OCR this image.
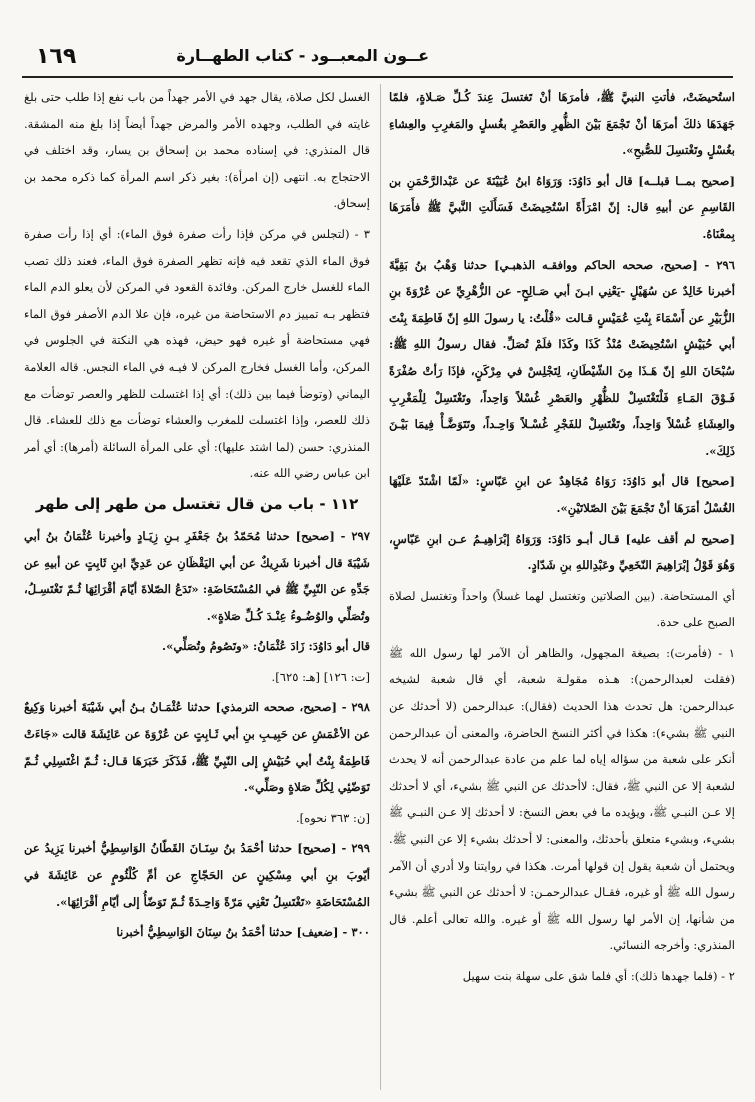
عــون المعبــود - كتاب الطهــارة
١٦٩

استُحيضَتْ، فأتتِ النبيَّ ﷺ، فأمرَهَا أنْ تَغتسلَ عِندَ كُـلِّ صَـلاةٍ، فلمّا جَهَدَهَا ذلكَ أمرَهَا أنْ تَجْمَعَ بَيْنَ الظُّهرِ والعَصْرِ بغُسلٍ والمَغرِبِ والعِشاءِ بغُسْلٍ وتَغْتسِلَ للصُّبحِ».

[صحيح بمــا قبلــه] قال أبو دَاوُدَ: وَرَوَاهُ ابنُ عُيَيْنَةَ عن عَبْدالرَّحْمَنِ بن القَاسِمِ عن أبيهِ قال: إنّ امْرَأَةً اسْتُحِيضَتْ فَسَأَلَتِ النَّبيَّ ﷺ فأَمَرَهَا بِمعْنَاهُ.

٢٩٦ - [صحيح، صححه الحاكم ووافقـه الذهبـي] حدثنا وَهْبُ بنُ بَقِيَّةَ أخبرنا خَالِدٌ عن سُهَيْلٍ -يَعْنِي ابـنَ أبي صَـالِحٍ- عن الزُّهْرِيِّ عن عُرْوَةَ بنِ الزُّبَيْرِ عن أَسْمَاءَ بِنْتِ عُمَيْسٍ قـالت «قُلْتُ: يا رسولَ اللهِ إنّ فَاطِمَةَ بِنْتَ أبي حُبَيْشٍ اسْتُحِيضَتْ مُنْذُ كَذَا وكَذَا فلَمْ تُصَلِّ. فقال رسولُ اللهِ ﷺ: سُبْحَانَ اللهِ إنّ هَـذَا مِنَ الشّيْطَانِ، لِتَجْلِسْ في مِرْكَنٍ، فإذَا رَأتْ صُفْرَةً فَـوْقَ المَـاءِ فَلْتَغْتَسِلْ للظُّهْرِ والعَصْرِ غُسْلاً وَاحِداً، وتَغْتَسِلْ لِلْمَغْرِبِ والعِشَاءِ غُسْلاً وَاحِداً، وتَغْتَسِلْ للفَجْرِ غُسْـلاً وَاحِـداً، وتَتَوَضَّـأْ فِيمَا بَيْـنَ ذَلِكَ».

[صحيح] قال أبو دَاوُدَ: رَوَاهُ مُجَاهِدٌ عن ابنِ عَبّاسٍ: «لَمّا اشْتَدّ عَلَيْهَا الغُسْلُ أمَرَهَا أنْ تَجْمَعَ بَيْنَ الصّلاتَيْنِ».

[صحيح لم أقف عليه] قـال أبـو دَاوُدَ: وَرَوَاهُ إبْرَاهِيـمُ عـن ابنِ عَبّاسٍ، وَهُوَ قَوْلُ إبْرَاهِيمَ النّخَعِيِّ وعَبْدِاللهِ بنِ شَدّادٍ.

أي المستحاضة. (بين الصلاتين وتغتسل لهما غسلاً) واحداً وتغتسل لصلاة الصبح على حدة.

١ - (فأمرت): بصيغة المجهول، والظاهر أن الآمر لها رسول الله ﷺ (فقلت لعبدالرحمن): هـذه مقولـة شعبة، أي قال شعبة لشيخه عبدالرحمن: هل تحدث هذا الحديث (فقال): عبدالرحمن (لا أحدثك عن النبي ﷺ بشيء): هكذا في أكثر النسخ الحاضرة، والمعنى أن عبدالرحمن أنكر على شعبة من سؤاله إياه لما علم من عادة عبدالرحمن أنه لا يحدث لشعبة إلا عن النبي ﷺ، فقال: لاأحدثك عن النبي ﷺ بشيء، أي لا أحدثك إلا عـن النبـي ﷺ، ويؤيده ما في بعض النسخ: لا أحدثك إلا عـن النبـي ﷺ بشيء، وبشيء متعلق بأحدثك، والمعنى: لا أحدثك بشيء إلا عن النبي ﷺ. ويحتمل أن شعبة يقول إن قولها أمرت. هكذا في روايتنا ولا أدري أن الآمر رسول الله ﷺ أو غيره، فقـال عبدالرحمـن: لا أحدثك عن النبي ﷺ بشيء من شأنها، إن الأمر لها رسول الله ﷺ أو غيره. والله تعالى أعلم. قال المنذري: وأخرجه النسائي.

٢ - (فلما جهدها ذلك): أي فلما شق على سهلة بنت سهيل

الغسل لكل صلاة، يقال جهد في الأمر جهداً من باب نفع إذا طلب حتى بلغ غايته في الطلب، وجهده الأمر والمرض جهداً أيضاً إذا بلغ منه المشقة. قال المنذري: في إسناده محمد بن إسحاق بن يسار، وقد اختلف في الاحتجاج به. انتهى (إن امرأة): بغير ذكر اسم المرأة كما ذكره محمد بن إسحاق.

٣ - (لتجلس في مركن فإذا رأت صفرة فوق الماء): أي إذا رأت صفرة فوق الماء الذي تقعد فيه فإنه تظهر الصفرة فوق الماء، فعند ذلك تصب الماء للغسل خارج المركن. وفائدة القعود في المركن لأن يعلو الدم الماء فتظهر بـه تمييز دم الاستحاضة من غيره، فإن علا الدم الأصفر فوق الماء فهي مستحاضة أو غيره فهو حيض، فهذه هي النكتة في الجلوس في المركن، وأما الغسل فخارج المركن لا فيـه في الماء النجس. قاله العلامة اليماني (وتوضأ فيما بين ذلك): أي إذا اغتسلت للظهر والعصر توضأت مع ذلك للعصر، وإذا اغتسلت للمغرب والعشاء توضأت مع ذلك للعشاء. قال المنذري: حسن (لما اشتد عليها): أي على المرأة السائلة (أمرها): أي أمر ابن عباس رضي الله عنه.

١١٢ - باب من قال تغتسل من طهر إلى طهر

٢٩٧ - [صحيح] حدثنا مُحَمّدُ بنُ جَعْفَرِ بـنِ زِيَـادٍ وأخبرنا عُثْمَانُ بنُ أبي شَيْبَةَ قال أخبرنا شَرِيكٌ عن أبي اليَقْظَانِ عن عَدِيِّ ابنِ ثَابِتٍ عن أبيهِ عن جَدِّهِ عن النّبِيِّ ﷺ في المُسْتَحَاضَةِ: «تَدَعُ الصّلاةَ أيّامَ أقْرَائِهَا ثُـمّ تَغْتَسِـلُ، وتُصَلِّي والوُضُـوءُ عِنْـدَ كُـلِّ صَلاةٍ».

قال أبو دَاوُدَ: زَادَ عُثْمَانُ: «وتَصُومُ وتُصَلِّي».

[ت: ١٢٦] [هـ: ٦٢٥].

٢٩٨ - [صحيح، صححه الترمذي] حدثنا عُثْمَـانُ بـنُ أبي شَيْبَةَ أخبرنا وَكِيعٌ عن الأعْمَشِ عن حَبِيـبِ بنِ أبي ثَـابِتٍ عن عُرْوَةَ عن عَائِشَةَ قالت «جَاءَتْ فَاطِمَةُ بِنْتُ أبي حُبَيْشٍ إلى النّبِيِّ ﷺ، فَذَكَرَ خَبَرَهَا قـال: ثُـمّ اغْتَسِلِي ثُـمّ تَوَضّئِي لِكُلِّ صَلاةٍ وصَلِّي».

[ن: ٣٦٣ نحوه].

٢٩٩ - [صحيح] حدثنا أحْمَدُ بنُ سِنَـانَ القَطّانُ الوَاسِطِيُّ أخبرنا يَزِيدُ عن أيّوبَ بنِ أبي مِسْكِينٍ عن الحَجّاجِ عن أمِّ كُلْثُومٍ عن عَائِشَةَ في المُسْتَحَاضَةِ «تَغْتَسِلُ تَعْنِي مَرّةً وَاحِـدَةً ثُـمّ تَوَضّأُ إلى أيّامِ أقْرَائِهَا».

٣٠٠ - [ضعيف] حدثنا أحْمَدُ بنُ سِنَانَ الوَاسِطِيُّ أخبرنا
